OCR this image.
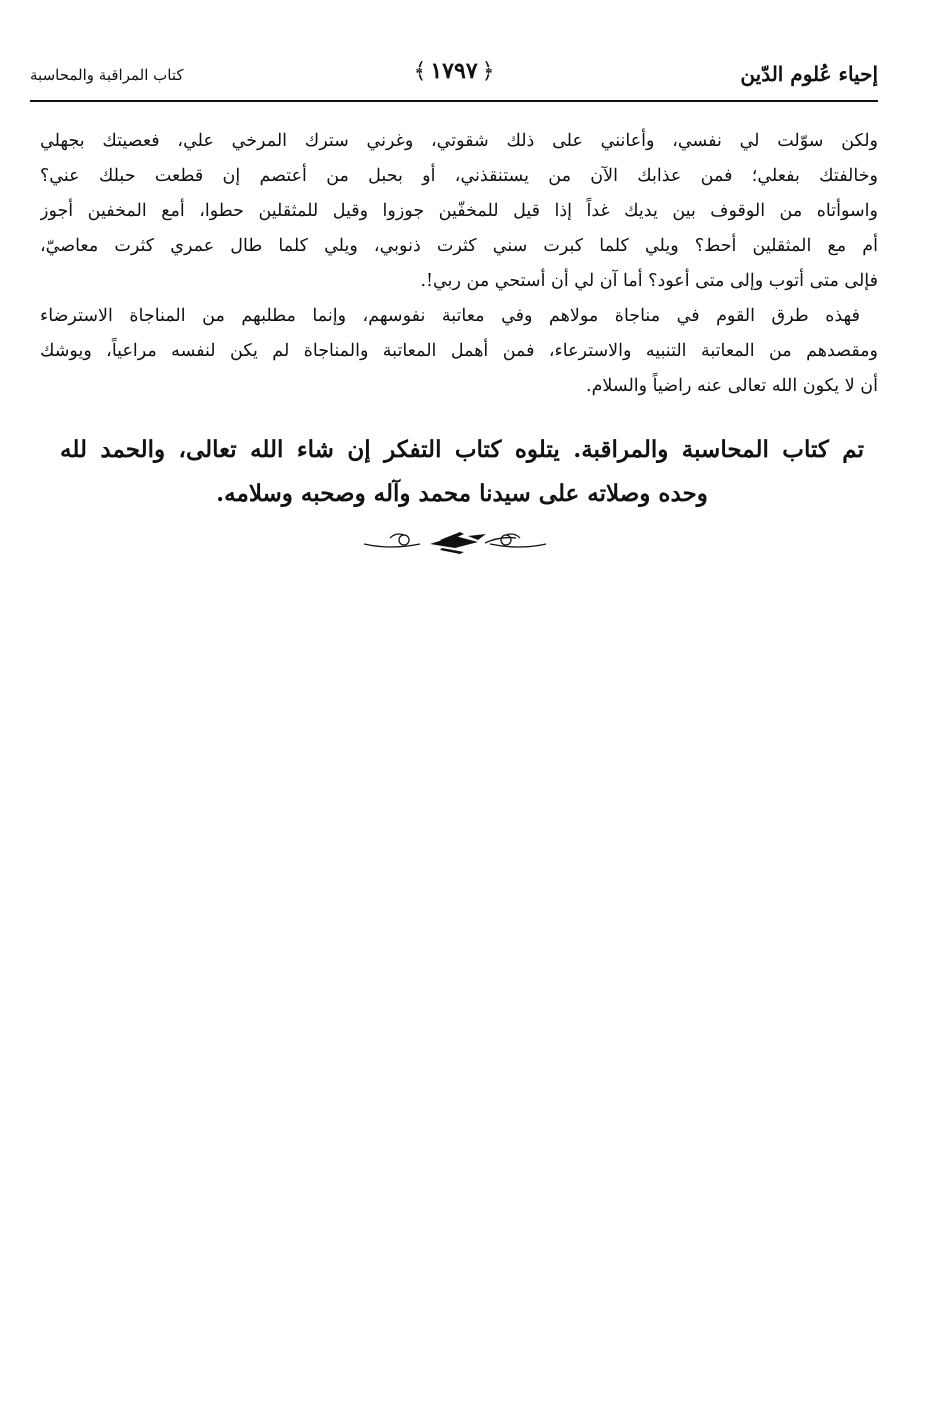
إحياء عُلوم الدّين
﴿
١٧٩٧
﴾
كتاب المراقبة والمحاسبة
ولكن سوّلت لي نفسي، وأعانني على ذلك شقوتي، وغرني سترك المرخي علي، فعصيتك بجهلي
وخالفتك بفعلي؛ فمن عذابك الآن من يستنقذني، أو بحبل من أعتصم إن قطعت حبلك عني؟
واسوأتاه من الوقوف بين يديك غداً إذا قيل للمخفّين جوزوا وقيل للمثقلين حطوا، أمع المخفين أجوز
أم مع المثقلين أحط؟ ويلي كلما كبرت سني كثرت ذنوبي، ويلي كلما طال عمري كثرت معاصيّ،
فإلى متى أتوب وإلى متى أعود؟ أما آن لي أن أستحي من ربي!.
فهذه طرق القوم في مناجاة مولاهم وفي معاتبة نفوسهم، وإنما مطلبهم من المناجاة الاسترضاء
ومقصدهم من المعاتبة التنبيه والاسترعاء، فمن أهمل المعاتبة والمناجاة لم يكن لنفسه مراعياً، ويوشك
أن لا يكون الله تعالى عنه راضياً والسلام.
تم كتاب المحاسبة والمراقبة. يتلوه كتاب التفكر إن شاء الله تعالى، والحمد لله
وحده وصلاته على سيدنا محمد وآله وصحبه وسلامه.
